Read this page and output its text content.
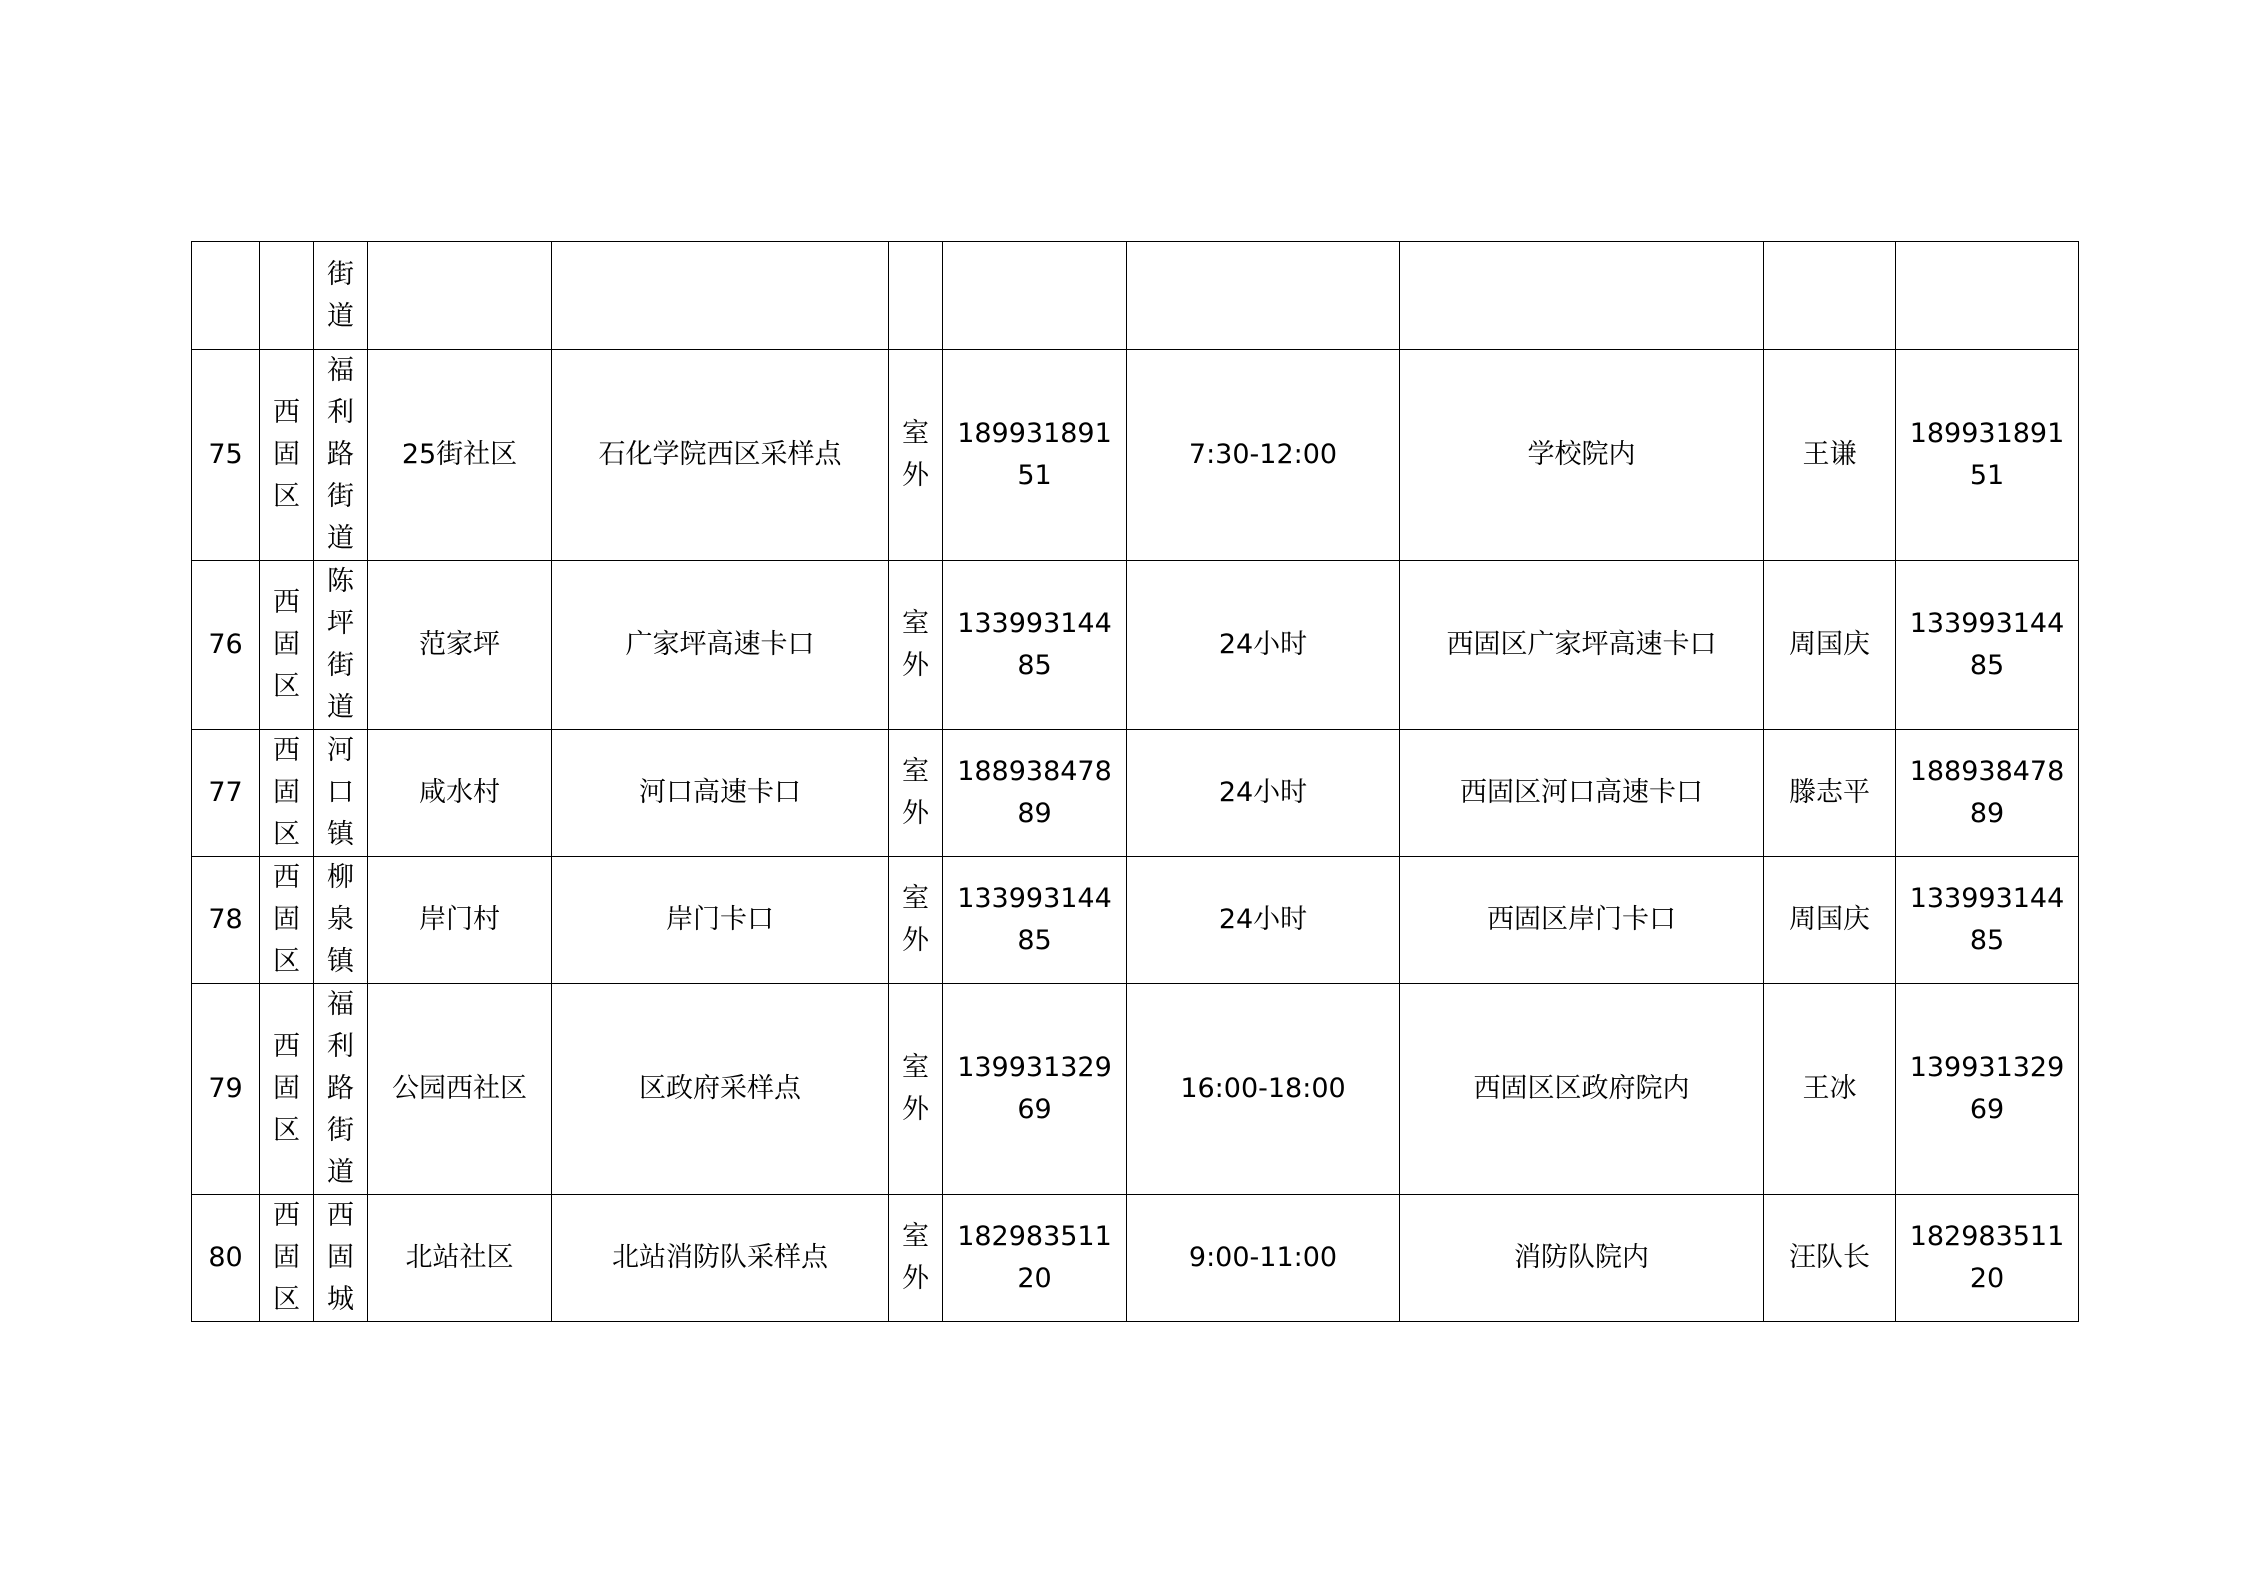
		街道								

75	西固区	福利路街道	25街社区	石化学院西区采样点	室外	18993189151	7:30-12:00	学校院内	王谦	18993189151

76	西固区	陈坪街道	范家坪	广家坪高速卡口	室外	13399314485	24小时	西固区广家坪高速卡口	周国庆	13399314485

77	西固区	河口镇	咸水村	河口高速卡口	室外	18893847889	24小时	西固区河口高速卡口	滕志平	18893847889

78	西固区	柳泉镇	岸门村	岸门卡口	室外	13399314485	24小时	西固区岸门卡口	周国庆	13399314485

79	西固区	福利路街道	公园西社区	区政府采样点	室外	13993132969	16:00-18:00	西固区区政府院内	王冰	13993132969

80	西固区	西固城	北站社区	北站消防队采样点	室外	18298351120	9:00-11:00	消防队院内	汪队长	18298351120
